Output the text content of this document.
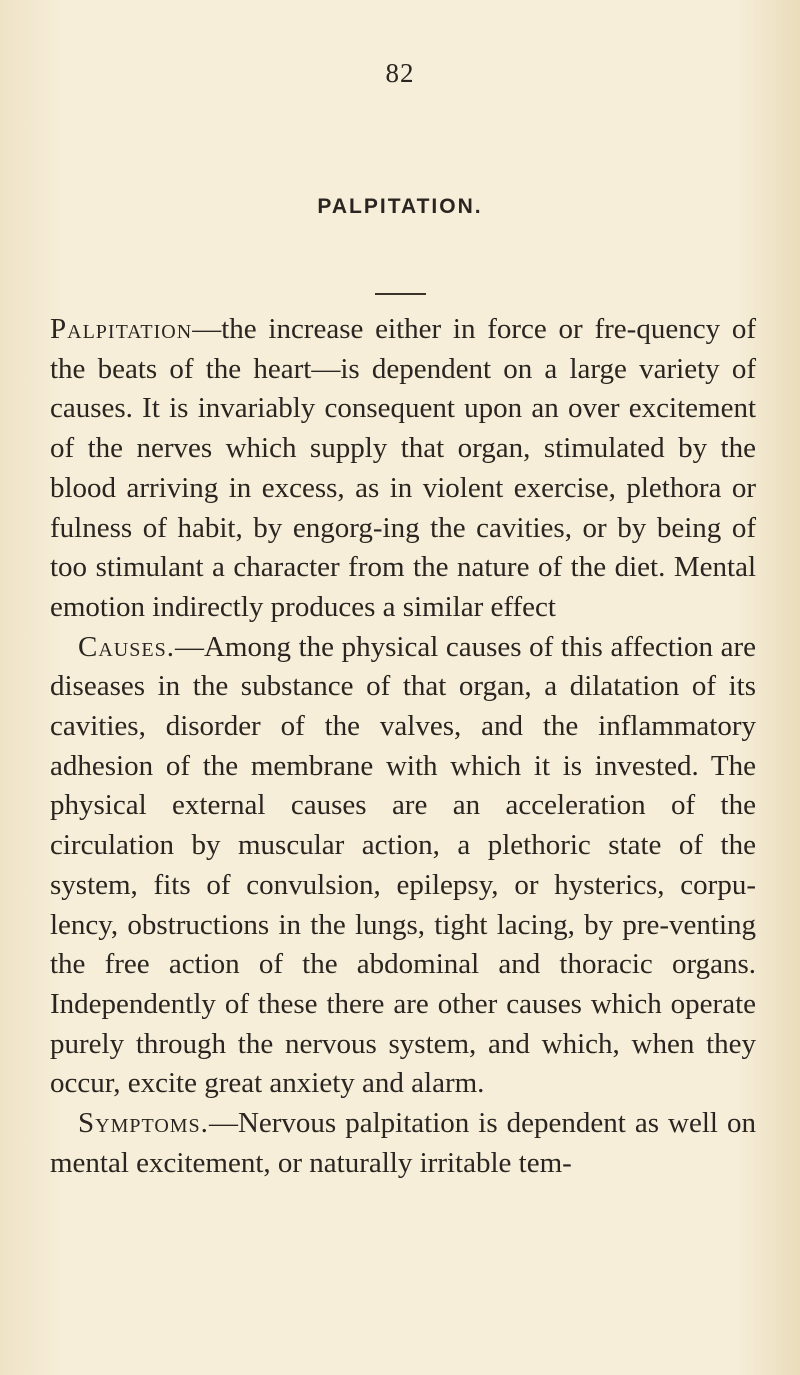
82
PALPITATION.

Palpitation—the increase either in force or fre-quency of the beats of the heart—is dependent on a large variety of causes. It is invariably consequent upon an over excitement of the nerves which supply that organ, stimulated by the blood arriving in excess, as in violent exercise, plethora or fulness of habit, by engorg-ing the cavities, or by being of too stimulant a character from the nature of the diet. Mental emotion indirectly produces a similar effect

Causes.—Among the physical causes of this affection are diseases in the substance of that organ, a dilatation of its cavities, disorder of the valves, and the inflammatory adhesion of the membrane with which it is invested. The physical external causes are an acceleration of the circulation by muscular action, a plethoric state of the system, fits of convulsion, epilepsy, or hysterics, corpu-lency, obstructions in the lungs, tight lacing, by pre-venting the free action of the abdominal and thoracic organs. Independently of these there are other causes which operate purely through the nervous system, and which, when they occur, excite great anxiety and alarm.

Symptoms.—Nervous palpitation is dependent as well on mental excitement, or naturally irritable tem-
